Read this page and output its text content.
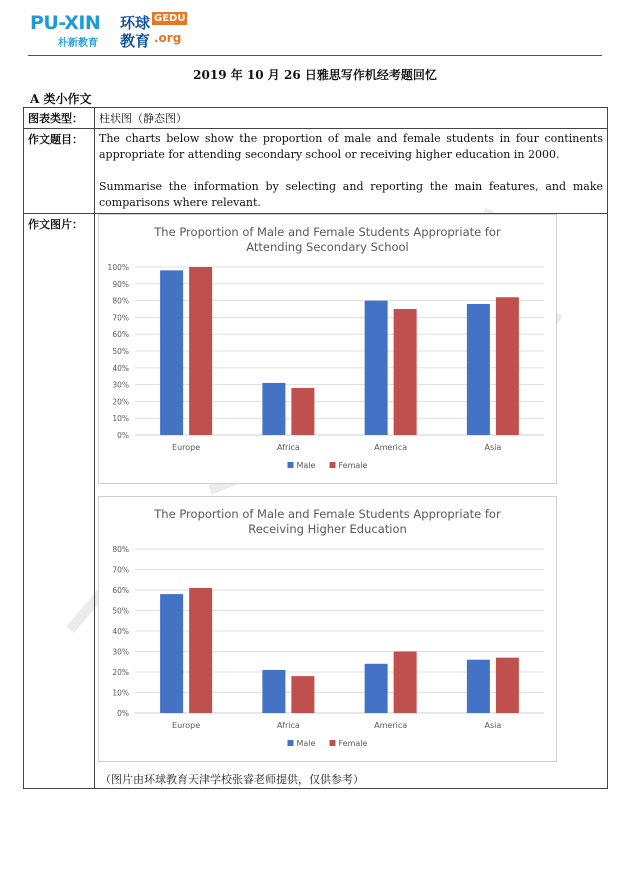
PU-XIN
朴新教育
环球
教育
GEDU
.org
2019 年 10 月 26 日雅思写作机经考题回忆
A 类小作文
图表类型：	柱状图（静态图）
作文题目：	The charts below show the proportion of male and female students in four continents appropriate for attending secondary school or receiving higher education in 2000.
Summarise the information by selecting and reporting the main features, and make comparisons where relevant.

作文图片：	
The Proportion of Male and Female Students Appropriate for
Attending Secondary School
0%
10%
20%
30%
40%
50%
60%
70%
80%
90%
100%
Europe	Africa	America	Asia
Male	Female
The Proportion of Male and Female Students Appropriate for
Receiving Higher Education
0%
10%
20%
30%
40%
50%
60%
70%
80%
Europe	Africa	America	Asia
Male	Female
（图片由环球教育天津学校张睿老师提供，仅供参考）
